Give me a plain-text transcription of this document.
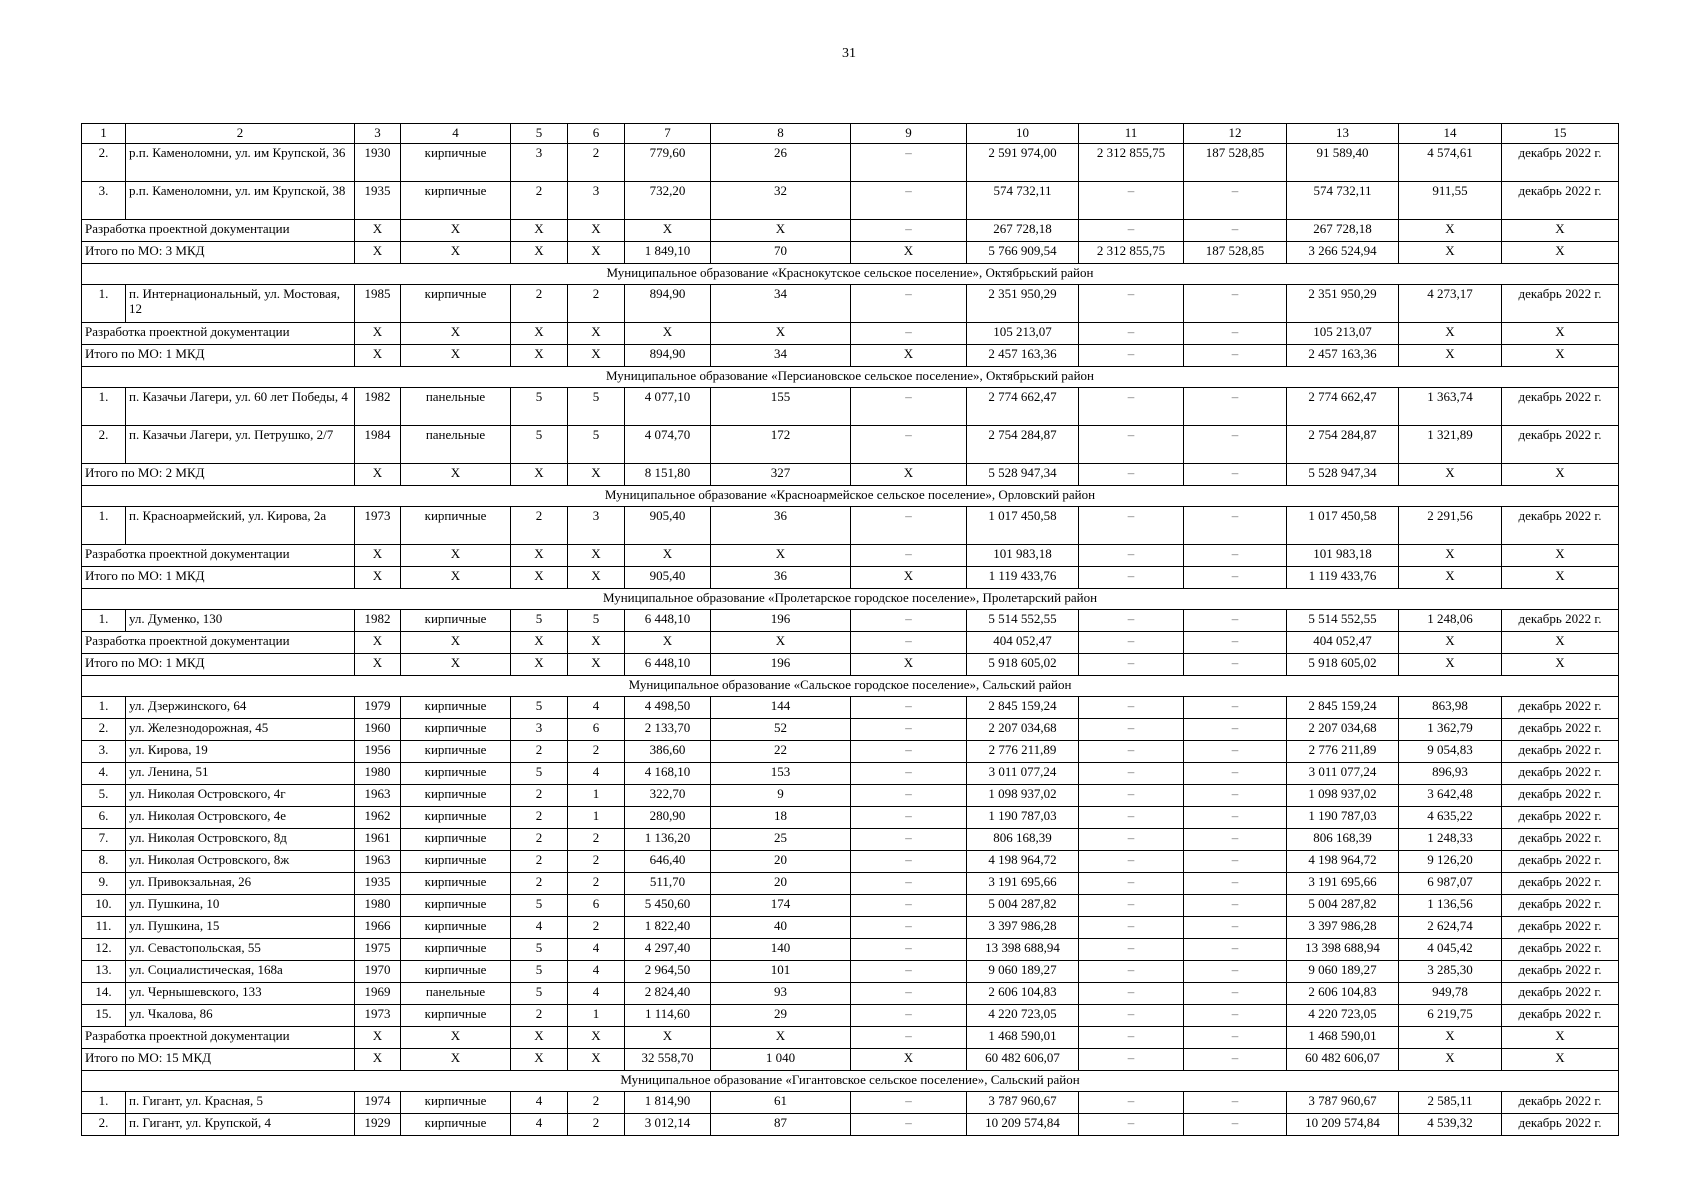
31
1	2	3	4	5	6	7	8	9	10	11	12	13	14	15
2.	р.п. Каменоломни, ул. им Крупской, 36	1930	кирпичные	3	2	779,60	26	–	2 591 974,00	2 312 855,75	187 528,85	91 589,40	4 574,61	декабрь 2022 г.
3.	р.п. Каменоломни, ул. им Крупской, 38	1935	кирпичные	2	3	732,20	32	–	574 732,11	–	–	574 732,11	911,55	декабрь 2022 г.
Разработка проектной документации		X	X	X	X	X	X	–	267 728,18	–	–	267 728,18	X	X
Итого по МО: 3 МКД		X	X	X	X	1 849,10	70	X	5 766 909,54	2 312 855,75	187 528,85	3 266 524,94	X	X
Муниципальное образование «Краснокутское сельское поселение», Октябрьский район														
1.	п. Интернациональный, ул. Мостовая, 12	1985	кирпичные	2	2	894,90	34	–	2 351 950,29	–	–	2 351 950,29	4 273,17	декабрь 2022 г.
Разработка проектной документации		X	X	X	X	X	X	–	105 213,07	–	–	105 213,07	X	X
Итого по МО: 1 МКД		X	X	X	X	894,90	34	X	2 457 163,36	–	–	2 457 163,36	X	X
Муниципальное образование «Персиановское сельское поселение», Октябрьский район														
1.	п. Казачьи Лагери, ул. 60 лет Победы, 4	1982	панельные	5	5	4 077,10	155	–	2 774 662,47	–	–	2 774 662,47	1 363,74	декабрь 2022 г.
2.	п. Казачьи Лагери, ул. Петрушко, 2/7	1984	панельные	5	5	4 074,70	172	–	2 754 284,87	–	–	2 754 284,87	1 321,89	декабрь 2022 г.
Итого по МО: 2 МКД		X	X	X	X	8 151,80	327	X	5 528 947,34	–	–	5 528 947,34	X	X
Муниципальное образование «Красноармейское сельское поселение», Орловский район														
1.	п. Красноармейский, ул. Кирова, 2а	1973	кирпичные	2	3	905,40	36	–	1 017 450,58	–	–	1 017 450,58	2 291,56	декабрь 2022 г.
Разработка проектной документации		X	X	X	X	X	X	–	101 983,18	–	–	101 983,18	X	X
Итого по МО: 1 МКД		X	X	X	X	905,40	36	X	1 119 433,76	–	–	1 119 433,76	X	X
Муниципальное образование «Пролетарское городское поселение», Пролетарский район														
1.	ул. Думенко, 130	1982	кирпичные	5	5	6 448,10	196	–	5 514 552,55	–	–	5 514 552,55	1 248,06	декабрь 2022 г.
Разработка проектной документации		X	X	X	X	X	X	–	404 052,47	–	–	404 052,47	X	X
Итого по МО: 1 МКД		X	X	X	X	6 448,10	196	X	5 918 605,02	–	–	5 918 605,02	X	X
Муниципальное образование «Сальское городское поселение», Сальский район														
1.	ул. Дзержинского, 64	1979	кирпичные	5	4	4 498,50	144	–	2 845 159,24	–	–	2 845 159,24	863,98	декабрь 2022 г.
2.	ул. Железнодорожная, 45	1960	кирпичные	3	6	2 133,70	52	–	2 207 034,68	–	–	2 207 034,68	1 362,79	декабрь 2022 г.
3.	ул. Кирова, 19	1956	кирпичные	2	2	386,60	22	–	2 776 211,89	–	–	2 776 211,89	9 054,83	декабрь 2022 г.
4.	ул. Ленина, 51	1980	кирпичные	5	4	4 168,10	153	–	3 011 077,24	–	–	3 011 077,24	896,93	декабрь 2022 г.
5.	ул. Николая Островского, 4г	1963	кирпичные	2	1	322,70	9	–	1 098 937,02	–	–	1 098 937,02	3 642,48	декабрь 2022 г.
6.	ул. Николая Островского, 4е	1962	кирпичные	2	1	280,90	18	–	1 190 787,03	–	–	1 190 787,03	4 635,22	декабрь 2022 г.
7.	ул. Николая Островского, 8д	1961	кирпичные	2	2	1 136,20	25	–	806 168,39	–	–	806 168,39	1 248,33	декабрь 2022 г.
8.	ул. Николая Островского, 8ж	1963	кирпичные	2	2	646,40	20	–	4 198 964,72	–	–	4 198 964,72	9 126,20	декабрь 2022 г.
9.	ул. Привокзальная, 26	1935	кирпичные	2	2	511,70	20	–	3 191 695,66	–	–	3 191 695,66	6 987,07	декабрь 2022 г.
10.	ул. Пушкина, 10	1980	кирпичные	5	6	5 450,60	174	–	5 004 287,82	–	–	5 004 287,82	1 136,56	декабрь 2022 г.
11.	ул. Пушкина, 15	1966	кирпичные	4	2	1 822,40	40	–	3 397 986,28	–	–	3 397 986,28	2 624,74	декабрь 2022 г.
12.	ул. Севастопольская, 55	1975	кирпичные	5	4	4 297,40	140	–	13 398 688,94	–	–	13 398 688,94	4 045,42	декабрь 2022 г.
13.	ул. Социалистическая, 168а	1970	кирпичные	5	4	2 964,50	101	–	9 060 189,27	–	–	9 060 189,27	3 285,30	декабрь 2022 г.
14.	ул. Чернышевского, 133	1969	панельные	5	4	2 824,40	93	–	2 606 104,83	–	–	2 606 104,83	949,78	декабрь 2022 г.
15.	ул. Чкалова, 86	1973	кирпичные	2	1	1 114,60	29	–	4 220 723,05	–	–	4 220 723,05	6 219,75	декабрь 2022 г.
Разработка проектной документации		X	X	X	X	X	X	–	1 468 590,01	–	–	1 468 590,01	X	X
Итого по МО: 15 МКД		X	X	X	X	32 558,70	1 040	X	60 482 606,07	–	–	60 482 606,07	X	X
Муниципальное образование «Гигантовское сельское поселение», Сальский район														
1.	п. Гигант, ул. Красная, 5	1974	кирпичные	4	2	1 814,90	61	–	3 787 960,67	–	–	3 787 960,67	2 585,11	декабрь 2022 г.
2.	п. Гигант, ул. Крупской, 4	1929	кирпичные	4	2	3 012,14	87	–	10 209 574,84	–	–	10 209 574,84	4 539,32	декабрь 2022 г.
